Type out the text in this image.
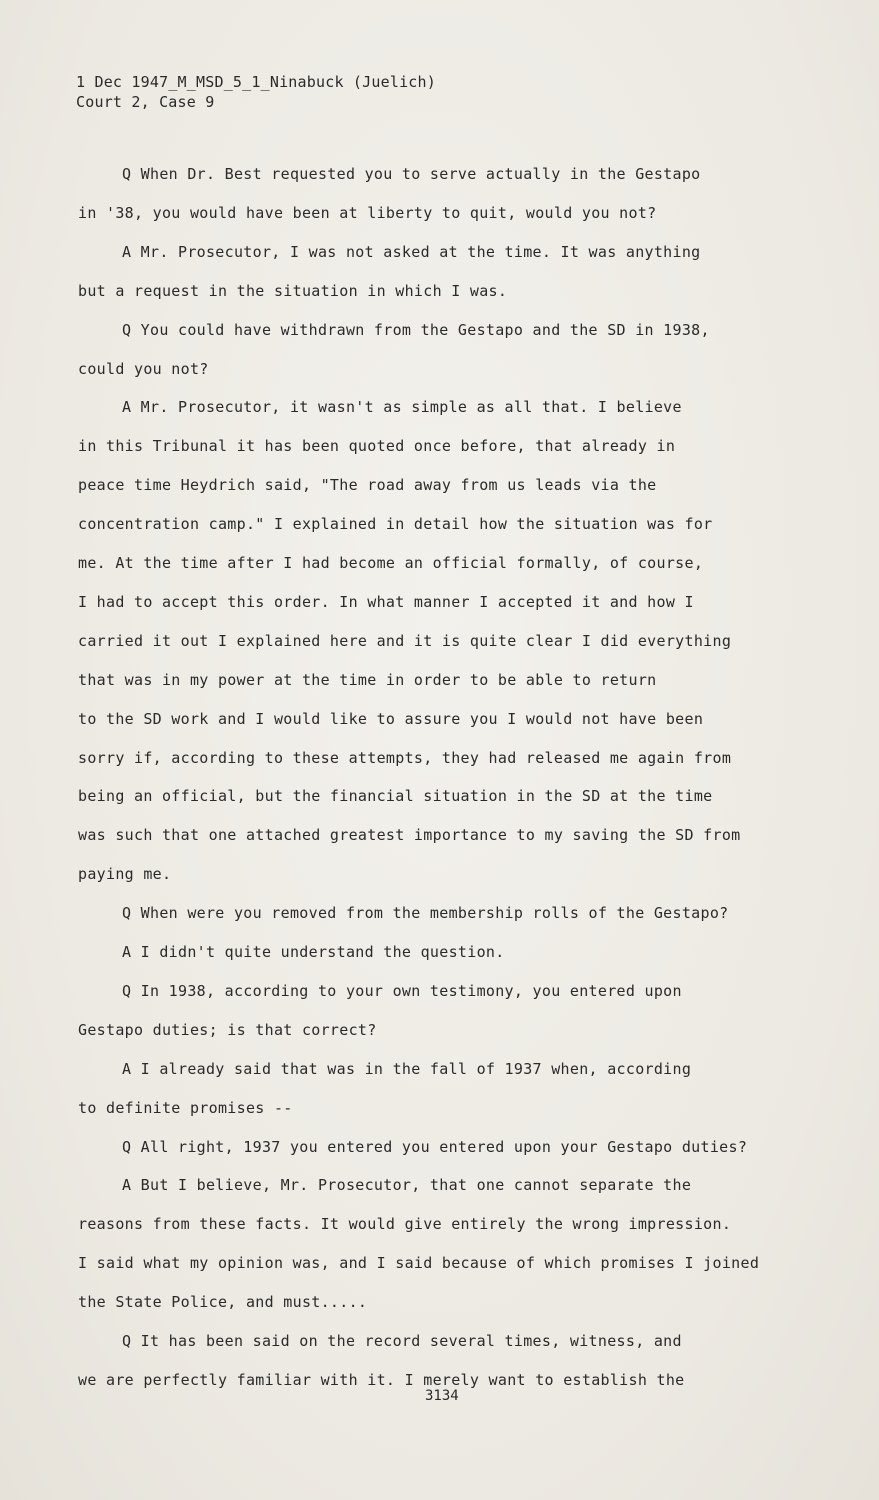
1 Dec 1947_M_MSD_5_1_Ninabuck (Juelich)
Court 2, Case 9
Q When Dr. Best requested you to serve actually in the Gestapo
in '38, you would have been at liberty to quit, would you not?
A Mr. Prosecutor, I was not asked at the time. It was anything
but a request in the situation in which I was.
Q You could have withdrawn from the Gestapo and the SD in 1938,
could you not?
A Mr. Prosecutor, it wasn't as simple as all that. I believe
in this Tribunal it has been quoted once before, that already in
peace time Heydrich said, "The road away from us leads via the
concentration camp." I explained in detail how the situation was for
me. At the time after I had become an official formally, of course,
I had to accept this order. In what manner I accepted it and how I
carried it out I explained here and it is quite clear I did everything
that was in my power at the time in order to be able to return
to the SD work and I would like to assure you I would not have been
sorry if, according to these attempts, they had released me again from
being an official, but the financial situation in the SD at the time
was such that one attached greatest importance to my saving the SD from
paying me.
Q When were you removed from the membership rolls of the Gestapo?
A I didn't quite understand the question.
Q In 1938, according to your own testimony, you entered upon
Gestapo duties; is that correct?
A I already said that was in the fall of 1937 when, according
to definite promises --
Q All right, 1937 you entered you entered upon your Gestapo duties?
A But I believe, Mr. Prosecutor, that one cannot separate the
reasons from these facts. It would give entirely the wrong impression.
I said what my opinion was, and I said because of which promises I joined
the State Police, and must.....
Q It has been said on the record several times, witness, and
we are perfectly familiar with it. I merely want to establish the
3134
